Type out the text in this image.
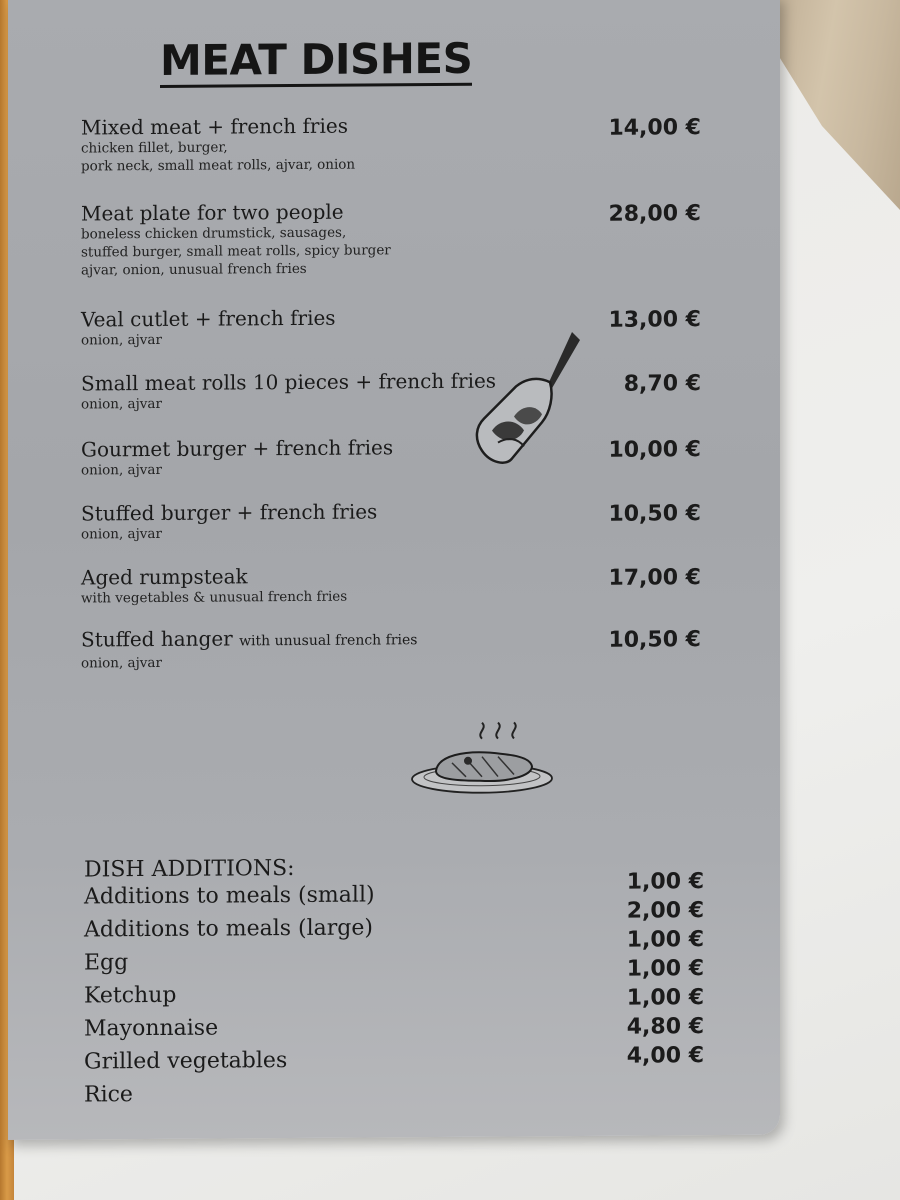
MEAT DISHES
Mixed meat + french fries
chicken fillet, burger,
pork neck, small meat rolls, ajvar, onion
14,00 €
Meat plate for two people
boneless chicken drumstick, sausages,
stuffed burger, small meat rolls, spicy burger
ajvar, onion, unusual french fries
28,00 €
Veal cutlet + french fries
onion, ajvar
13,00 €
Small meat rolls 10 pieces + french fries
onion, ajvar
8,70 €
Gourmet burger + french fries
onion, ajvar
10,00 €
Stuffed burger + french fries
onion, ajvar
10,50 €
Aged rumpsteak
with vegetables & unusual french fries
17,00 €
Stuffed hanger with unusual french fries
onion, ajvar
10,50 €
DISH ADDITIONS:
Additions to meals (small)
Additions to meals (large)
Egg
Ketchup
Mayonnaise
Grilled vegetables
Rice
1,00 €
2,00 €
1,00 €
1,00 €
1,00 €
4,80 €
4,00 €
